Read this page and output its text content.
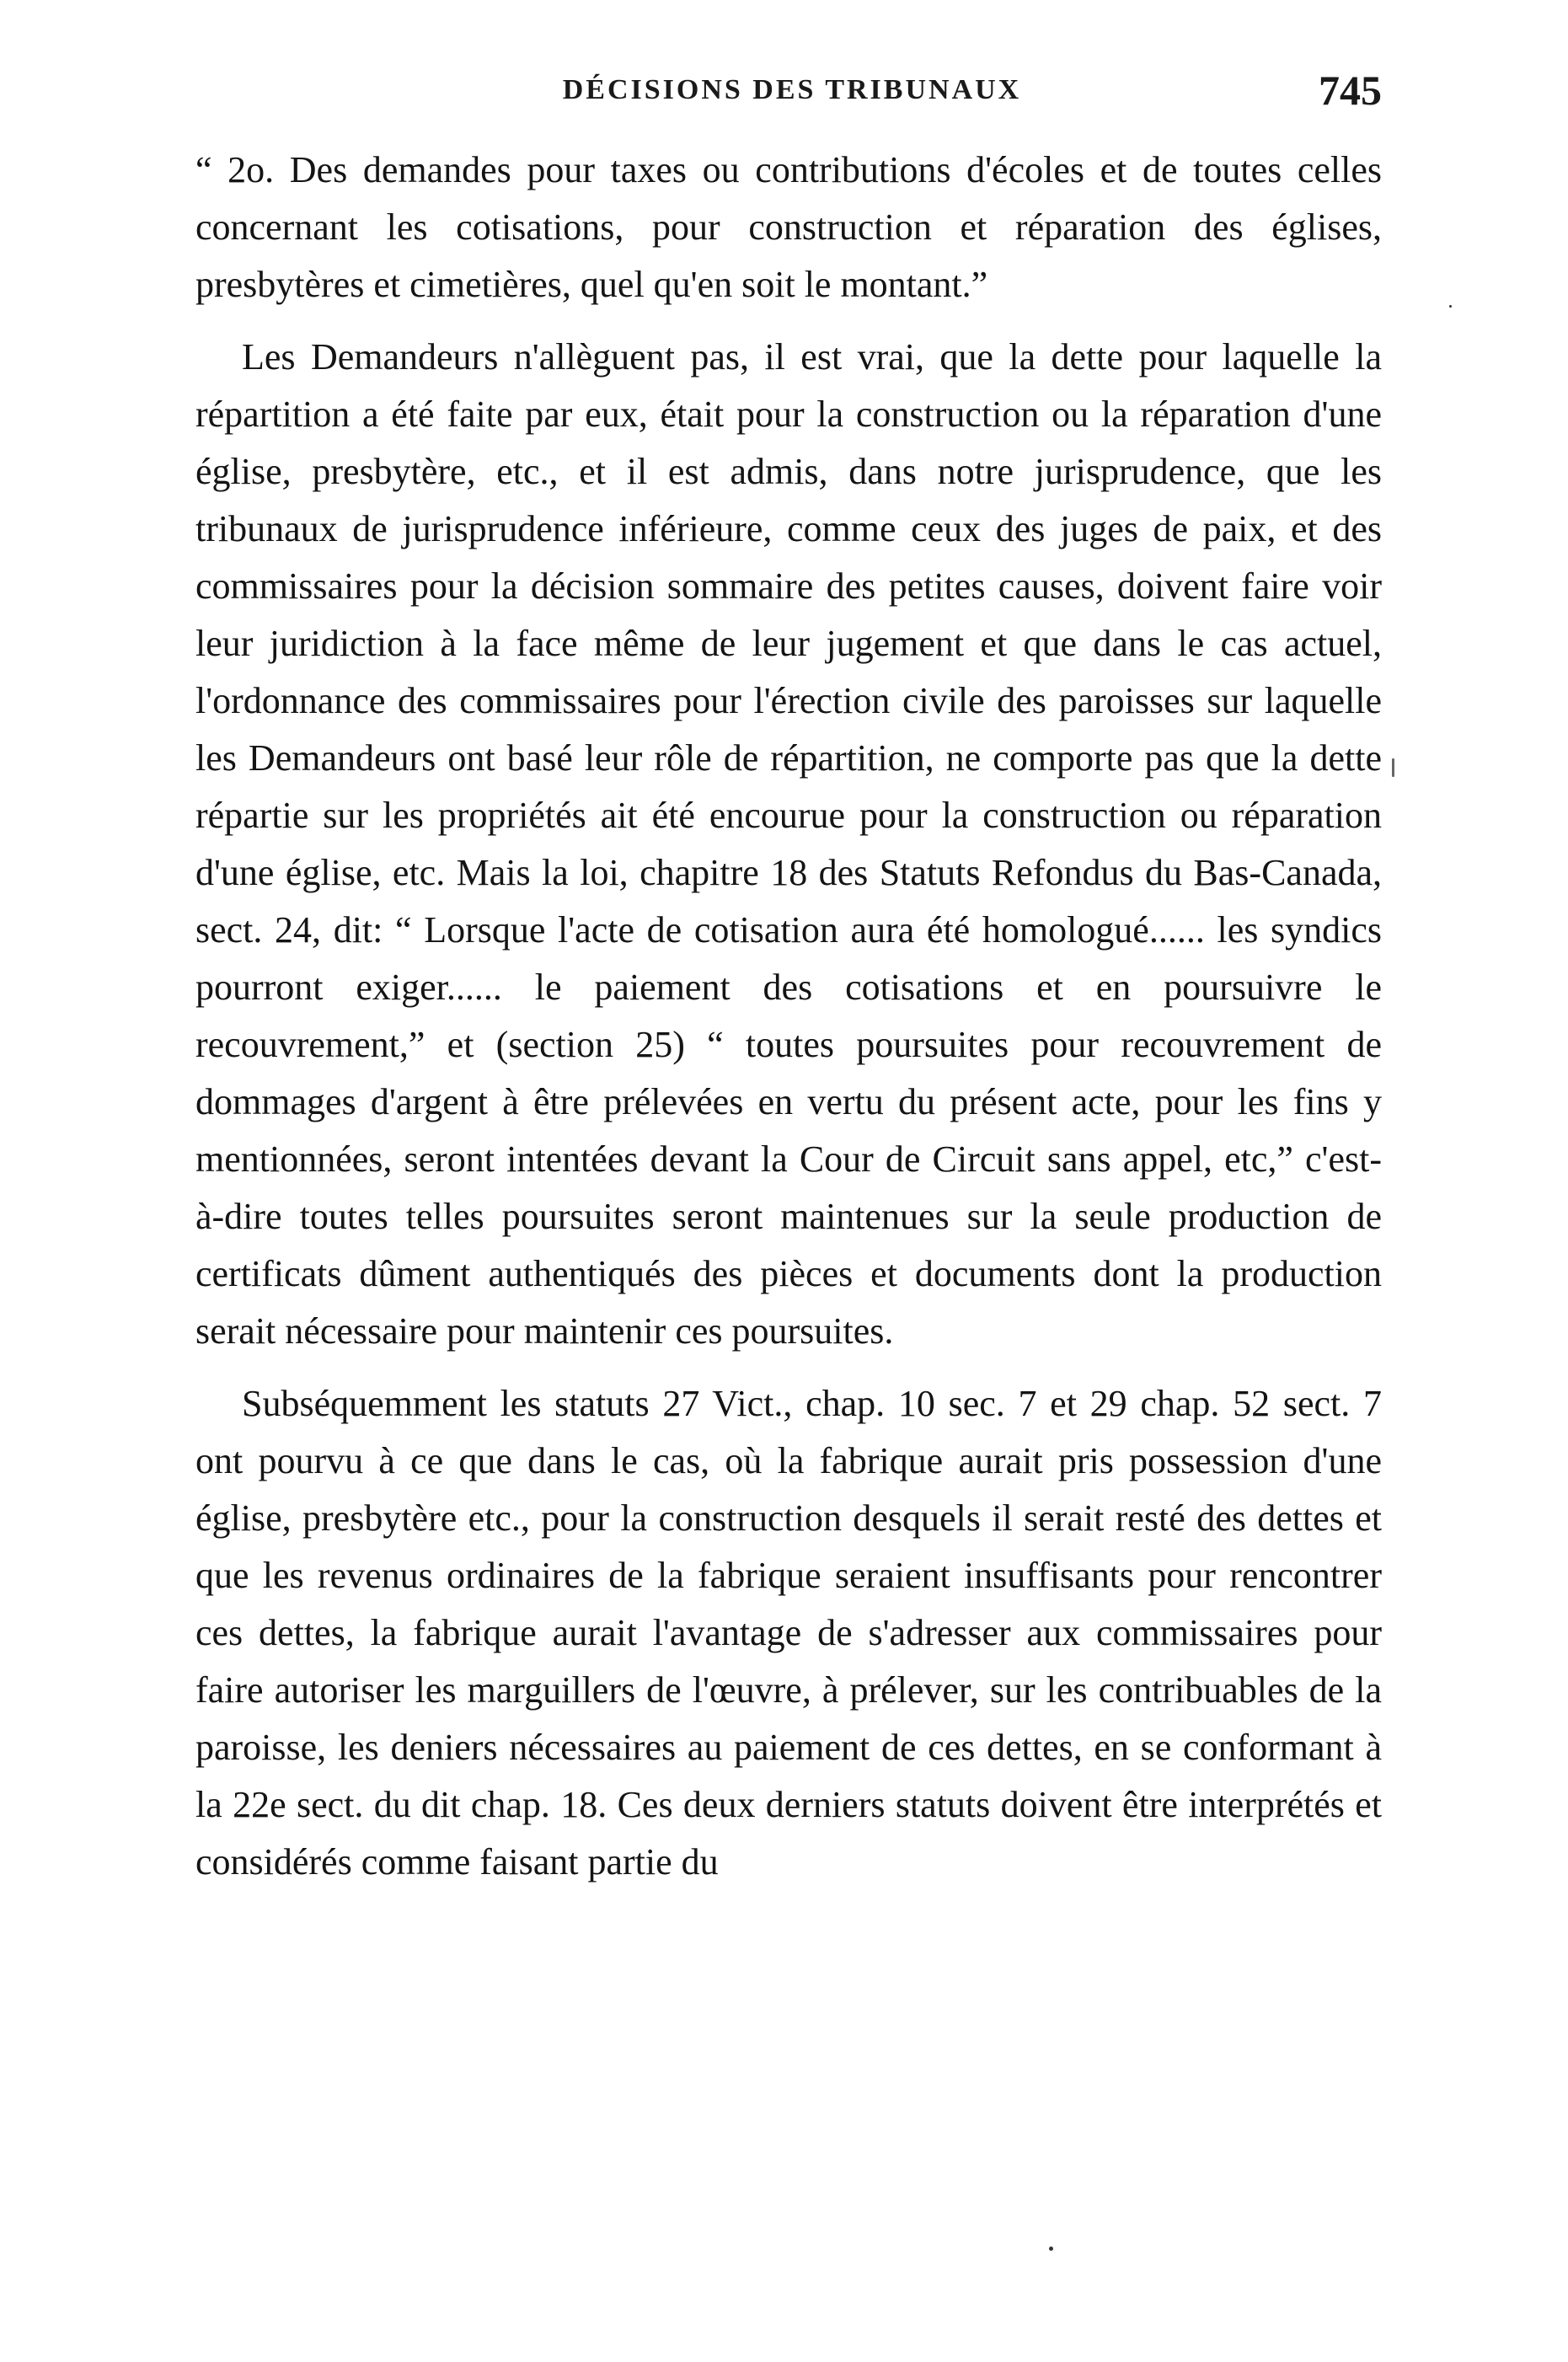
DÉCISIONS DES TRIBUNAUX	745

“ 2o. Des demandes pour taxes ou contributions d'écoles et de toutes celles concernant les cotisations, pour construction et réparation des églises, presbytères et cimetières, quel qu'en soit le montant.”

Les Demandeurs n'allèguent pas, il est vrai, que la dette pour laquelle la répartition a été faite par eux, était pour la construction ou la réparation d'une église, presbytère, etc., et il est admis, dans notre jurisprudence, que les tribunaux de jurisprudence inférieure, comme ceux des juges de paix, et des commissaires pour la décision sommaire des petites causes, doivent faire voir leur juridiction à la face même de leur jugement et que dans le cas actuel, l'ordonnance des commissaires pour l'érection civile des paroisses sur laquelle les Demandeurs ont basé leur rôle de répartition, ne comporte pas que la dette répartie sur les propriétés ait été encourue pour la construction ou réparation d'une église, etc. Mais la loi, chapitre 18 des Statuts Refondus du Bas-Canada, sect. 24, dit: “ Lorsque l'acte de cotisation aura été homologué...... les syndics pourront exiger...... le paiement des cotisations et en poursuivre le recouvrement,” et (section 25) “ toutes poursuites pour recouvrement de dommages d'argent à être prélevées en vertu du présent acte, pour les fins y mentionnées, seront intentées devant la Cour de Circuit sans appel, etc,” c'est-à-dire toutes telles poursuites seront maintenues sur la seule production de certificats dûment authentiqués des pièces et documents dont la production serait nécessaire pour maintenir ces poursuites.

Subséquemment les statuts 27 Vict., chap. 10 sec. 7 et 29 chap. 52 sect. 7 ont pourvu à ce que dans le cas, où la fabrique aurait pris possession d'une église, presbytère etc., pour la construction desquels il serait resté des dettes et que les revenus ordinaires de la fabrique seraient insuffisants pour rencontrer ces dettes, la fabrique aurait l'avantage de s'adresser aux commissaires pour faire autoriser les marguillers de l'œuvre, à prélever, sur les contribuables de la paroisse, les deniers nécessaires au paiement de ces dettes, en se conformant à la 22e sect. du dit chap. 18. Ces deux derniers statuts doivent être interprétés et considérés comme faisant partie du
